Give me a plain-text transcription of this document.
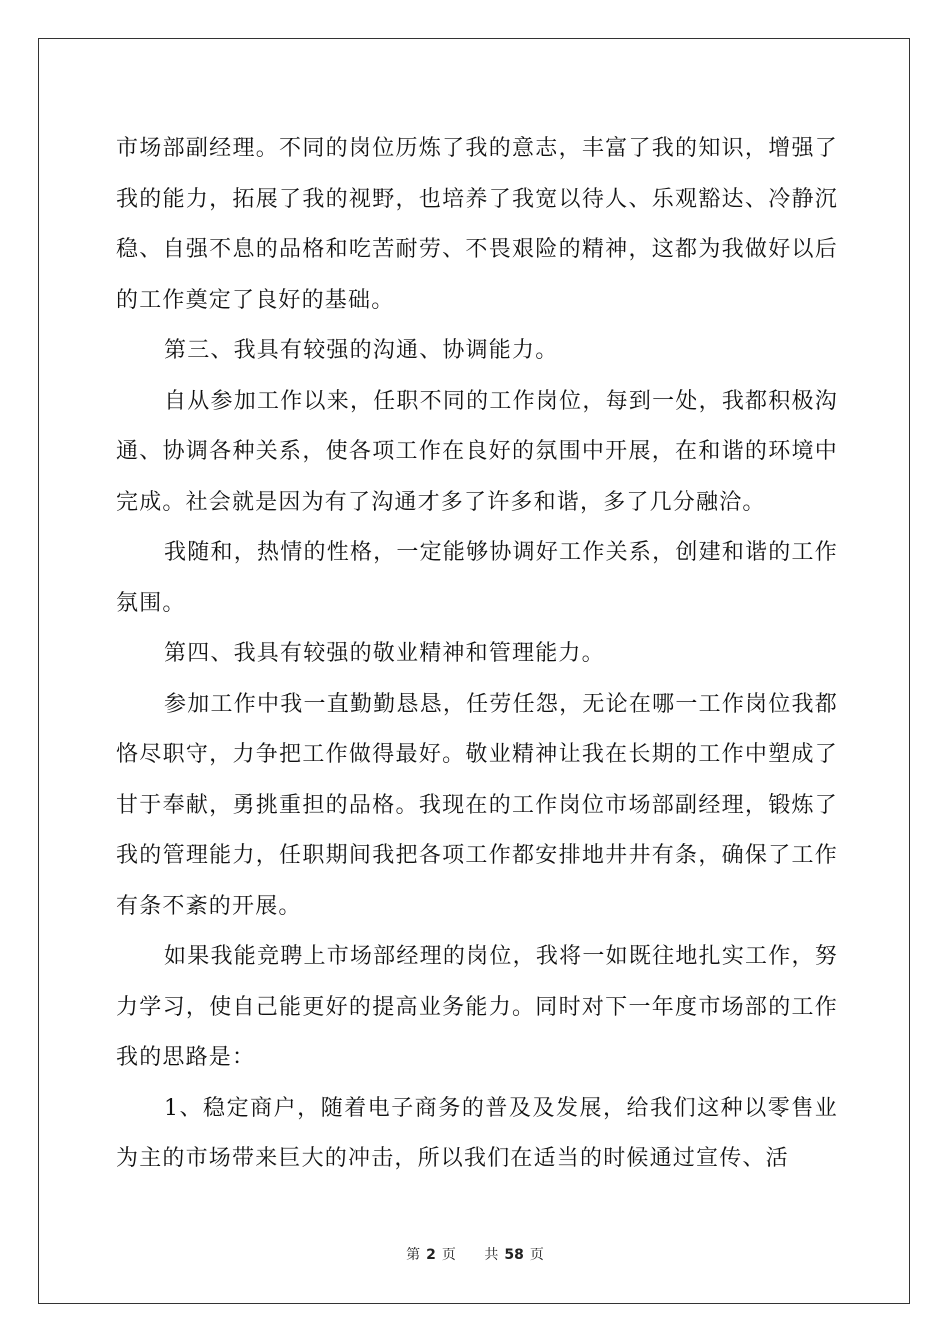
市场部副经理。不同的岗位历炼了我的意志，丰富了我的知识，增强了我的能力，拓展了我的视野，也培养了我宽以待人、乐观豁达、冷静沉稳、自强不息的品格和吃苦耐劳、不畏艰险的精神，这都为我做好以后的工作奠定了良好的基础。

第三、我具有较强的沟通、协调能力。

自从参加工作以来，任职不同的工作岗位，每到一处，我都积极沟通、协调各种关系，使各项工作在良好的氛围中开展，在和谐的环境中完成。社会就是因为有了沟通才多了许多和谐，多了几分融洽。

我随和，热情的性格，一定能够协调好工作关系，创建和谐的工作氛围。

第四、我具有较强的敬业精神和管理能力。

参加工作中我一直勤勤恳恳，任劳任怨，无论在哪一工作岗位我都恪尽职守，力争把工作做得最好。敬业精神让我在长期的工作中塑成了甘于奉献，勇挑重担的品格。我现在的工作岗位市场部副经理，锻炼了我的管理能力，任职期间我把各项工作都安排地井井有条，确保了工作有条不紊的开展。

如果我能竞聘上市场部经理的岗位，我将一如既往地扎实工作，努力学习，使自己能更好的提高业务能力。同时对下一年度市场部的工作我的思路是：

1、稳定商户，随着电子商务的普及及发展，给我们这种以零售业为主的市场带来巨大的冲击，所以我们在适当的时候通过宣传、活

第 2 页 共 58 页
